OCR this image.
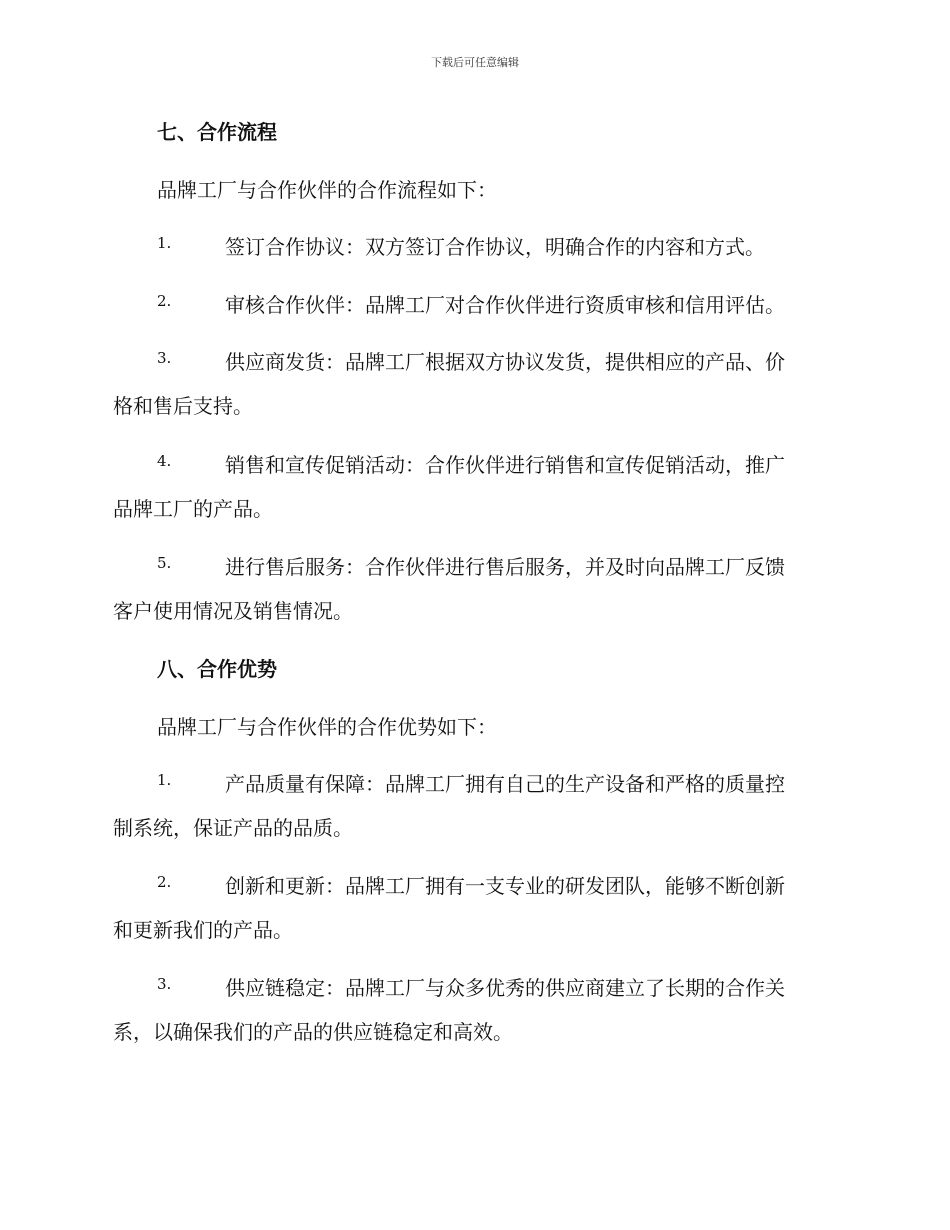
下载后可任意编辑
七、合作流程
品牌工厂与合作伙伴的合作流程如下：
1.	签订合作协议：双方签订合作协议，明确合作的内容和方式。
2.	审核合作伙伴：品牌工厂对合作伙伴进行资质审核和信用评估。
3.	供应商发货：品牌工厂根据双方协议发货，提供相应的产品、价
格和售后支持。
4.	销售和宣传促销活动：合作伙伴进行销售和宣传促销活动，推广
品牌工厂的产品。
5.	进行售后服务：合作伙伴进行售后服务，并及时向品牌工厂反馈
客户使用情况及销售情况。
八、合作优势
品牌工厂与合作伙伴的合作优势如下：
1.	产品质量有保障：品牌工厂拥有自己的生产设备和严格的质量控
制系统，保证产品的品质。
2.	创新和更新：品牌工厂拥有一支专业的研发团队，能够不断创新
和更新我们的产品。
3.	供应链稳定：品牌工厂与众多优秀的供应商建立了长期的合作关
系，以确保我们的产品的供应链稳定和高效。
